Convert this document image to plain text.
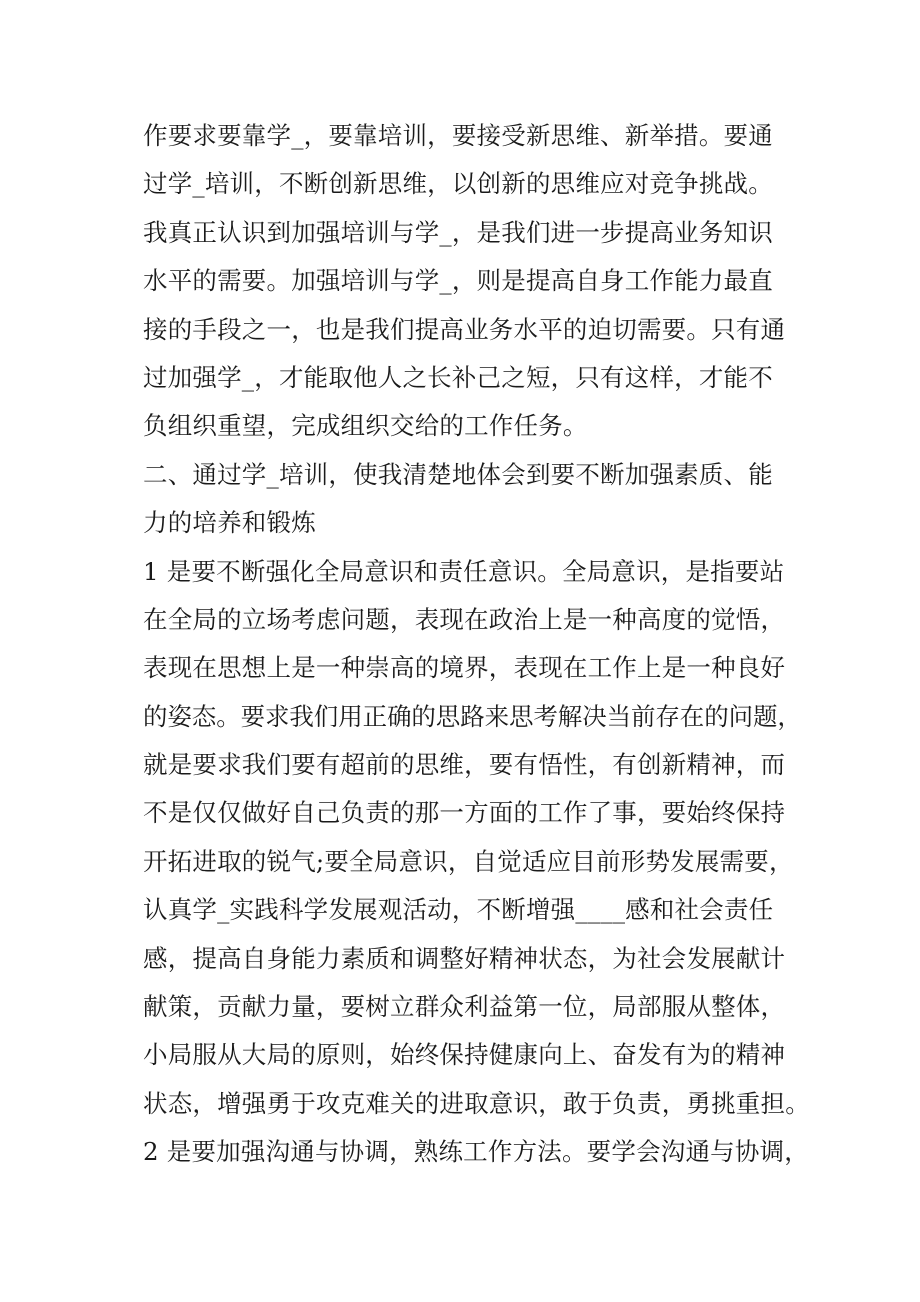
作要求要靠学_，要靠培训，要接受新思维、新举措。要通
过学_培训，不断创新思维，以创新的思维应对竞争挑战。
我真正认识到加强培训与学_，是我们进一步提高业务知识
水平的需要。加强培训与学_，则是提高自身工作能力最直
接的手段之一，也是我们提高业务水平的迫切需要。只有通
过加强学_，才能取他人之长补己之短，只有这样，才能不
负组织重望，完成组织交给的工作任务。
二、通过学_培训，使我清楚地体会到要不断加强素质、能
力的培养和锻炼
1 是要不断强化全局意识和责任意识。全局意识，是指要站
在全局的立场考虑问题，表现在政治上是一种高度的觉悟，
表现在思想上是一种崇高的境界，表现在工作上是一种良好
的姿态。要求我们用正确的思路来思考解决当前存在的问题，
就是要求我们要有超前的思维，要有悟性，有创新精神，而
不是仅仅做好自己负责的那一方面的工作了事，要始终保持
开拓进取的锐气;要全局意识，自觉适应目前形势发展需要，
认真学_实践科学发展观活动，不断增强____感和社会责任
感，提高自身能力素质和调整好精神状态，为社会发展献计
献策，贡献力量，要树立群众利益第一位，局部服从整体，
小局服从大局的原则，始终保持健康向上、奋发有为的精神
状态，增强勇于攻克难关的进取意识，敢于负责，勇挑重担。
2 是要加强沟通与协调，熟练工作方法。要学会沟通与协调，
